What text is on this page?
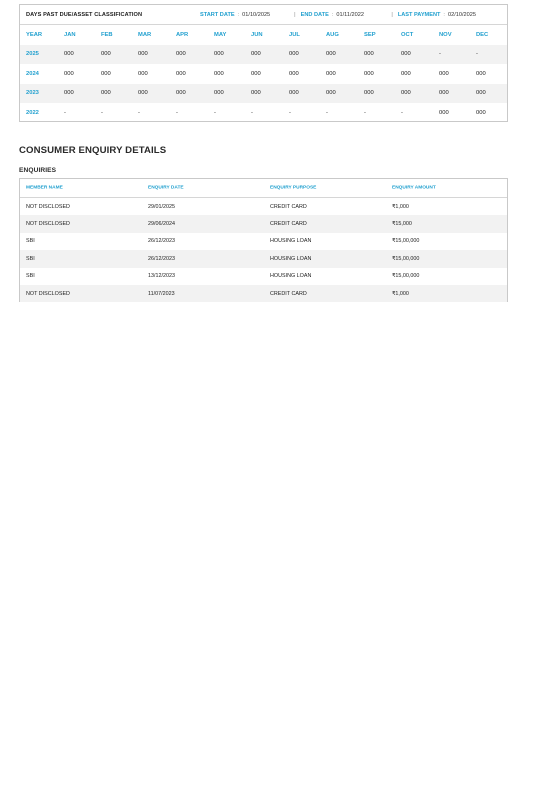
DAYS PAST DUE/ASSET CLASSIFICATION	START DATE : 01/10/2025	| END DATE : 01/11/2022	| LAST PAYMENT : 02/10/2025
YEAR	JAN	FEB	MAR	APR	MAY	JUN	JUL	AUG	SEP	OCT	NOV	DEC
2025	000	000	000	000	000	000	000	000	000	000	-	-
2024	000	000	000	000	000	000	000	000	000	000	000	000
2023	000	000	000	000	000	000	000	000	000	000	000	000
2022	-	-	-	-	-	-	-	-	-	-	000	000
CONSUMER ENQUIRY DETAILS
ENQUIRIES
MEMBER NAME	ENQUIRY DATE	ENQUIRY PURPOSE	ENQUIRY AMOUNT
NOT DISCLOSED	29/01/2025	CREDIT CARD	₹1,000
NOT DISCLOSED	29/06/2024	CREDIT CARD	₹15,000
SBI	26/12/2023	HOUSING LOAN	₹15,00,000
SBI	26/12/2023	HOUSING LOAN	₹15,00,000
SBI	13/12/2023	HOUSING LOAN	₹15,00,000
NOT DISCLOSED	11/07/2023	CREDIT CARD	₹1,000
